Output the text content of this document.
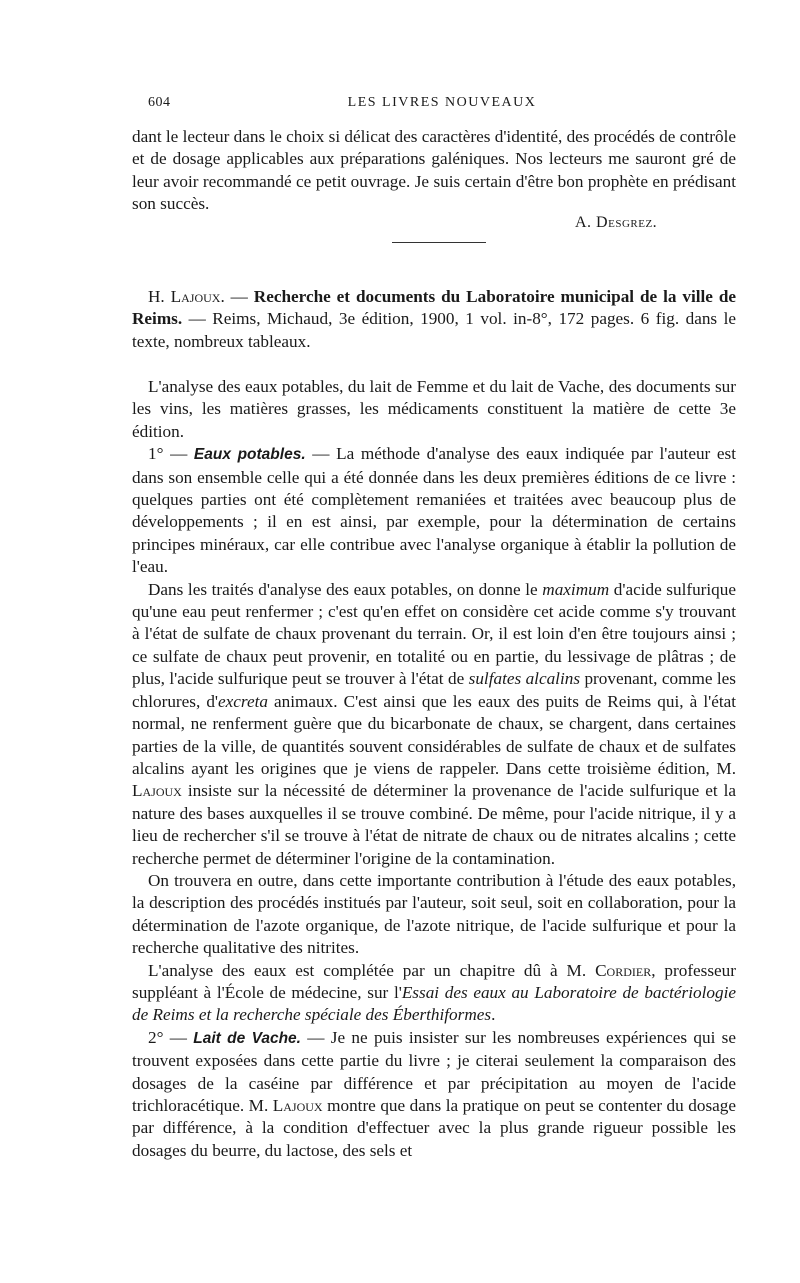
604	LES LIVRES NOUVEAUX

dant le lecteur dans le choix si délicat des caractères d'identité, des procédés de contrôle et de dosage applicables aux préparations galéniques. Nos lecteurs me sauront gré de leur avoir recommandé ce petit ouvrage. Je suis certain d'être bon prophète en prédisant son succès.

A. Desgrez.

H. Lajoux. — Recherche et documents du Laboratoire municipal de la ville de Reims. — Reims, Michaud, 3e édition, 1900, 1 vol. in-8°, 172 pages. 6 fig. dans le texte, nombreux tableaux.

L'analyse des eaux potables, du lait de Femme et du lait de Vache, des documents sur les vins, les matières grasses, les médicaments constituent la matière de cette 3e édition.

1° — Eaux potables. — La méthode d'analyse des eaux indiquée par l'auteur est dans son ensemble celle qui a été donnée dans les deux premières éditions de ce livre : quelques parties ont été complètement remaniées et traitées avec beaucoup plus de développements ; il en est ainsi, par exemple, pour la détermination de certains principes minéraux, car elle contribue avec l'analyse organique à établir la pollution de l'eau.

Dans les traités d'analyse des eaux potables, on donne le maximum d'acide sulfurique qu'une eau peut renfermer ; c'est qu'en effet on considère cet acide comme s'y trouvant à l'état de sulfate de chaux provenant du terrain. Or, il est loin d'en être toujours ainsi ; ce sulfate de chaux peut provenir, en totalité ou en partie, du lessivage de plâtras ; de plus, l'acide sulfurique peut se trouver à l'état de sulfates alcalins provenant, comme les chlorures, d'excreta animaux. C'est ainsi que les eaux des puits de Reims qui, à l'état normal, ne renferment guère que du bicarbonate de chaux, se chargent, dans certaines parties de la ville, de quantités souvent considérables de sulfate de chaux et de sulfates alcalins ayant les origines que je viens de rappeler. Dans cette troisième édition, M. Lajoux insiste sur la nécessité de déterminer la provenance de l'acide sulfurique et la nature des bases auxquelles il se trouve combiné. De même, pour l'acide nitrique, il y a lieu de rechercher s'il se trouve à l'état de nitrate de chaux ou de nitrates alcalins ; cette recherche permet de déterminer l'origine de la contamination.

On trouvera en outre, dans cette importante contribution à l'étude des eaux potables, la description des procédés institués par l'auteur, soit seul, soit en collaboration, pour la détermination de l'azote organique, de l'azote nitrique, de l'acide sulfurique et pour la recherche qualitative des nitrites.

L'analyse des eaux est complétée par un chapitre dû à M. Cordier, professeur suppléant à l'École de médecine, sur l'Essai des eaux au Laboratoire de bactériologie de Reims et la recherche spéciale des Éberthiformes.

2° — Lait de Vache. — Je ne puis insister sur les nombreuses expériences qui se trouvent exposées dans cette partie du livre ; je citerai seulement la comparaison des dosages de la caséine par différence et par précipitation au moyen de l'acide trichloracétique. M. Lajoux montre que dans la pratique on peut se contenter du dosage par différence, à la condition d'effectuer avec la plus grande rigueur possible les dosages du beurre, du lactose, des sels et
